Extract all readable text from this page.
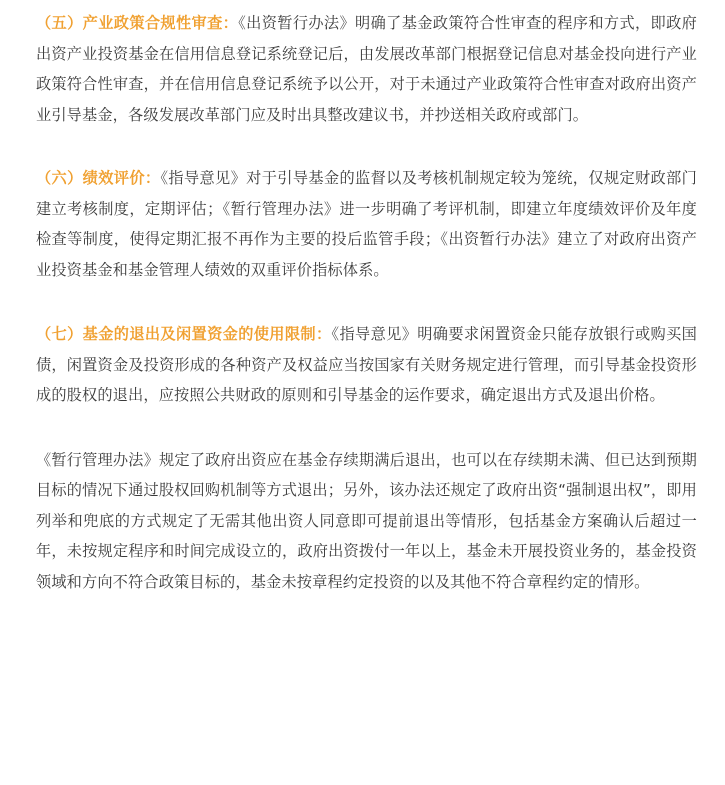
（五）产业政策合规性审查：《出资暂行办法》明确了基金政策符合性审查的程序和方式，即政府出资产业投资基金在信用信息登记系统登记后，由发展改革部门根据登记信息对基金投向进行产业政策符合性审查，并在信用信息登记系统予以公开，对于未通过产业政策符合性审查对政府出资产业引导基金，各级发展改革部门应及时出具整改建议书，并抄送相关政府或部门。

（六）绩效评价：《指导意见》对于引导基金的监督以及考核机制规定较为笼统，仅规定财政部门建立考核制度，定期评估；《暂行管理办法》进一步明确了考评机制，即建立年度绩效评价及年度检查等制度，使得定期汇报不再作为主要的投后监管手段；《出资暂行办法》建立了对政府出资产业投资基金和基金管理人绩效的双重评价指标体系。

（七）基金的退出及闲置资金的使用限制：《指导意见》明确要求闲置资金只能存放银行或购买国债，闲置资金及投资形成的各种资产及权益应当按国家有关财务规定进行管理，而引导基金投资形成的股权的退出，应按照公共财政的原则和引导基金的运作要求，确定退出方式及退出价格。

《暂行管理办法》规定了政府出资应在基金存续期满后退出，也可以在存续期未满、但已达到预期目标的情况下通过股权回购机制等方式退出；另外，该办法还规定了政府出资“强制退出权”，即用列举和兜底的方式规定了无需其他出资人同意即可提前退出等情形，包括基金方案确认后超过一年，未按规定程序和时间完成设立的，政府出资拨付一年以上，基金未开展投资业务的，基金投资领域和方向不符合政策目标的，基金未按章程约定投资的以及其他不符合章程约定的情形。
